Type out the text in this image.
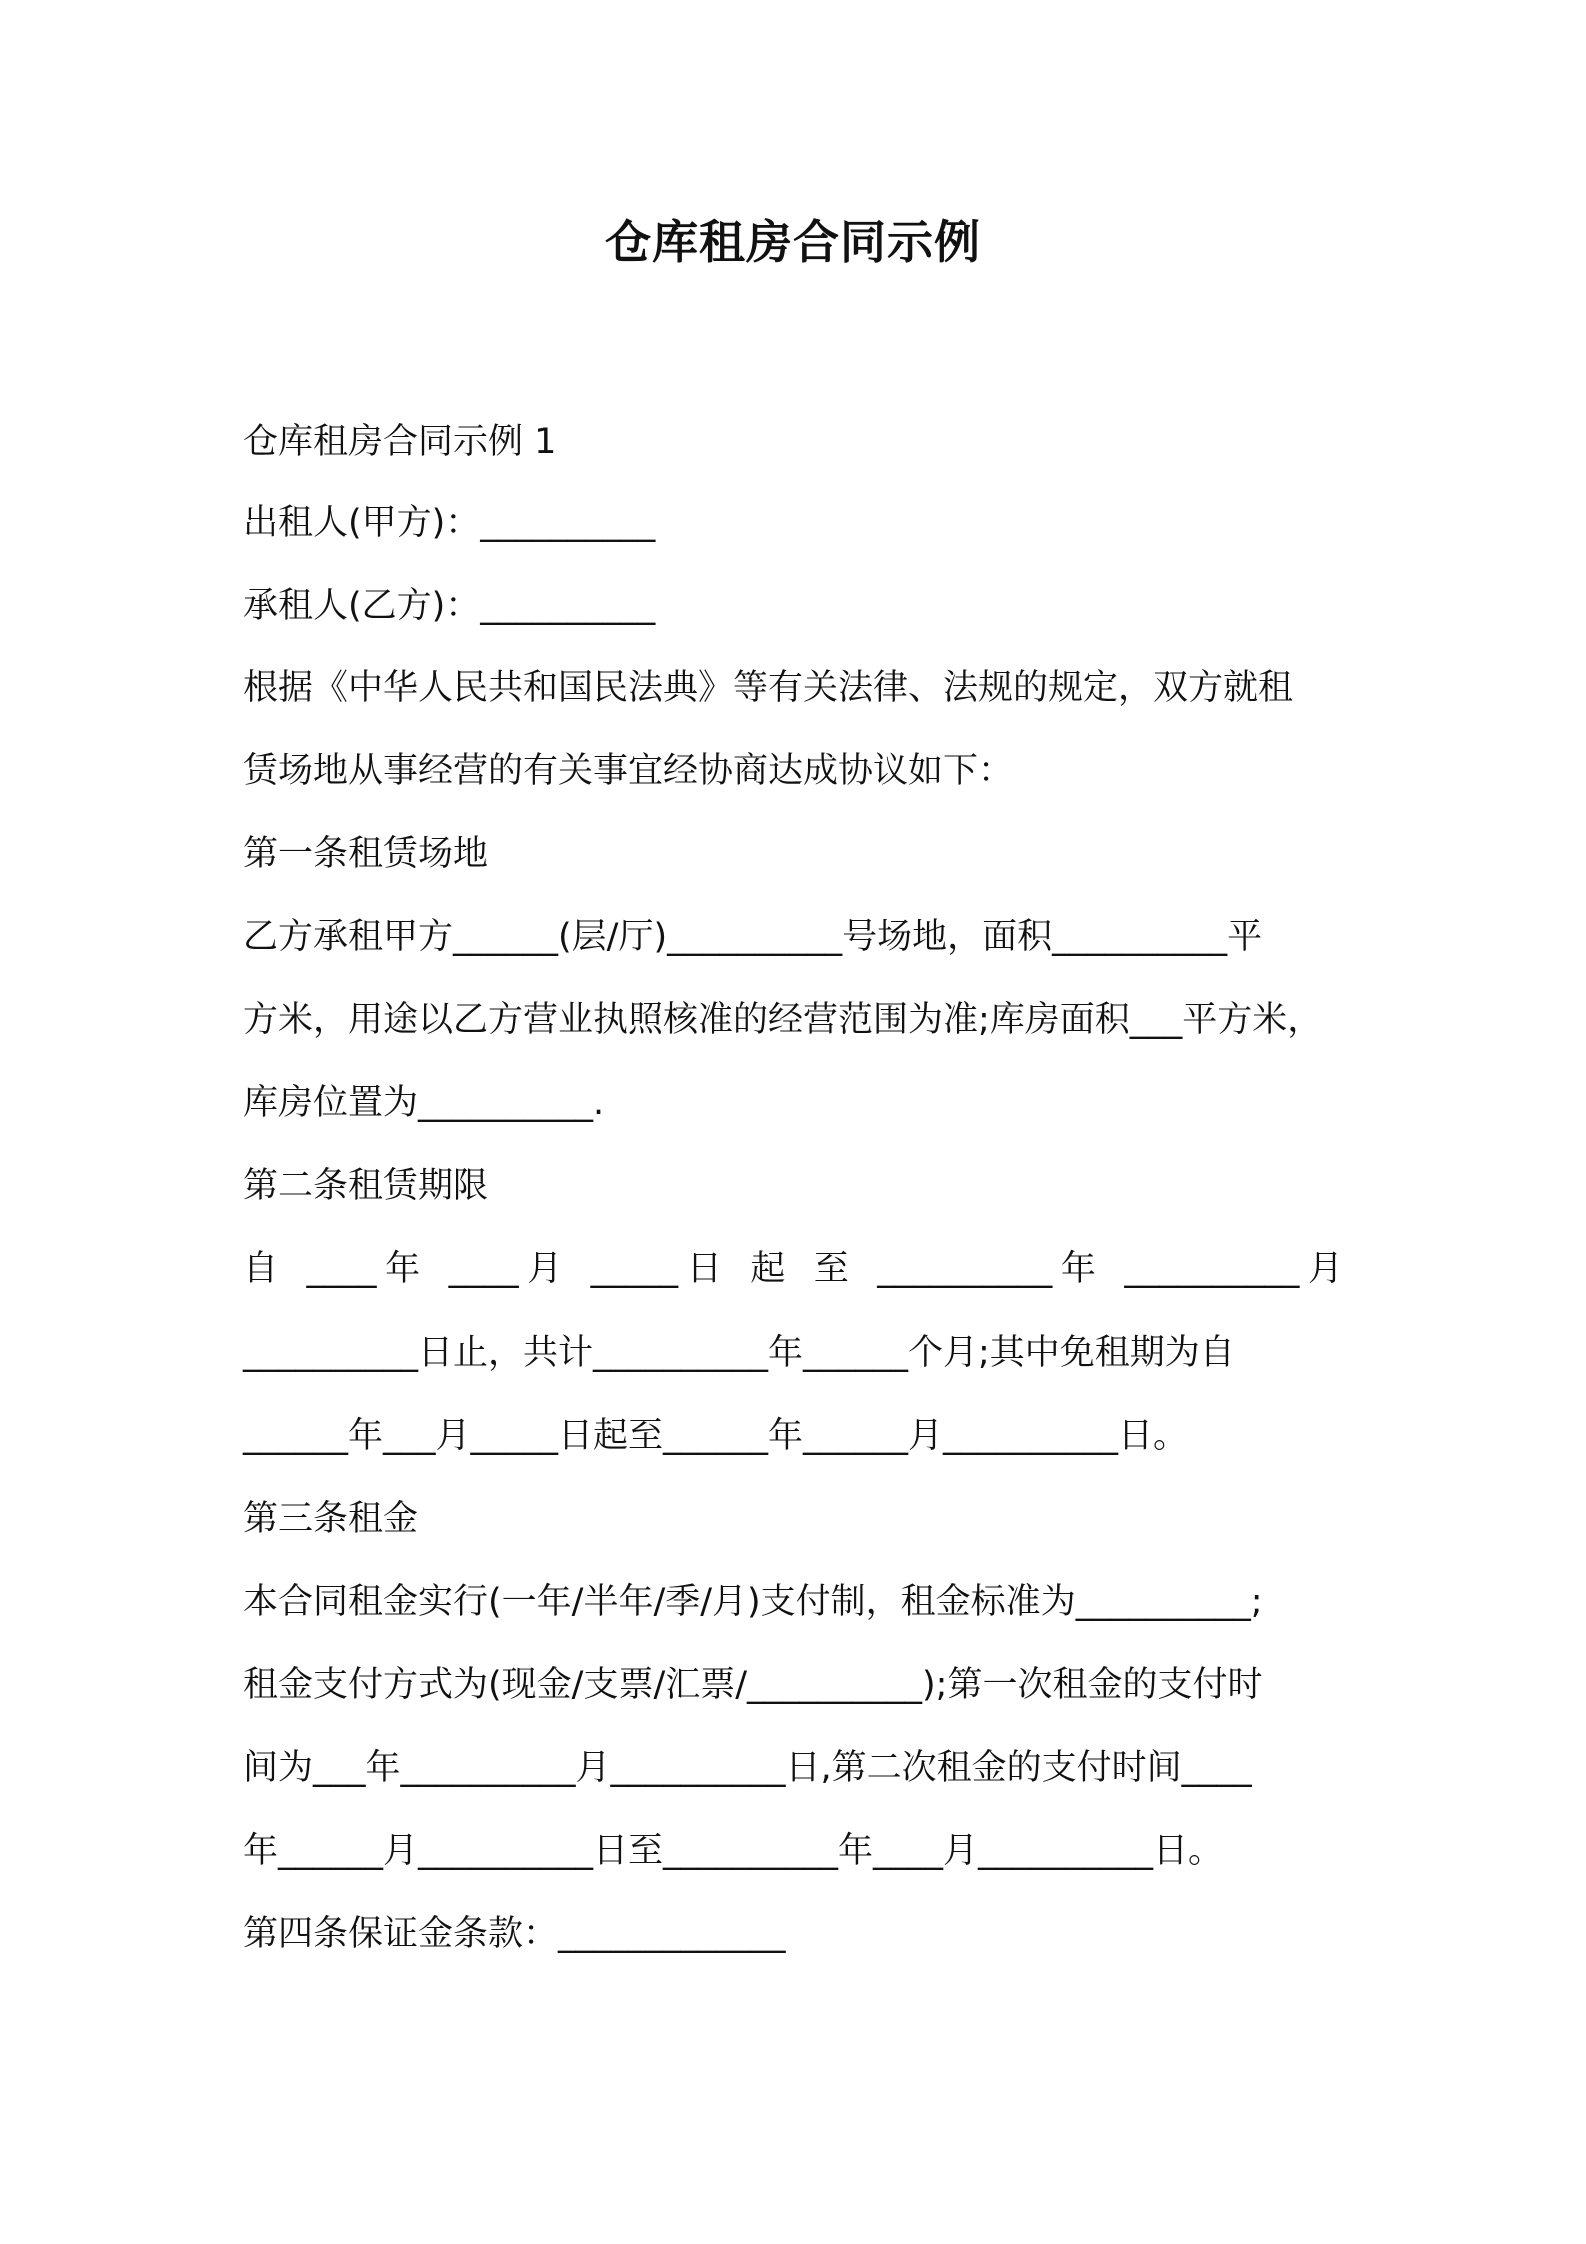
仓库租房合同示例

仓库租房合同示例 1

出租人(甲方)：__________

承租人(乙方)：__________

根据《中华人民共和国民法典》等有关法律、法规的规定，双方就租

赁场地从事经营的有关事宜经协商达成协议如下：

第一条租赁场地

乙方承租甲方______(层/厅)__________号场地，面积__________平

方米，用途以乙方营业执照核准的经营范围为准;库房面积___平方米，

库房位置为__________.

第二条租赁期限

自 ____年 ____月 _____日 起 至 __________年 __________月

__________日止，共计__________年______个月;其中免租期为自

______年___月_____日起至______年______月__________日。

第三条租金

本合同租金实行(一年/半年/季/月)支付制，租金标准为__________;

租金支付方式为(现金/支票/汇票/__________);第一次租金的支付时

间为___年__________月__________日,第二次租金的支付时间____

年______月__________日至__________年____月__________日。

第四条保证金条款：_____________
